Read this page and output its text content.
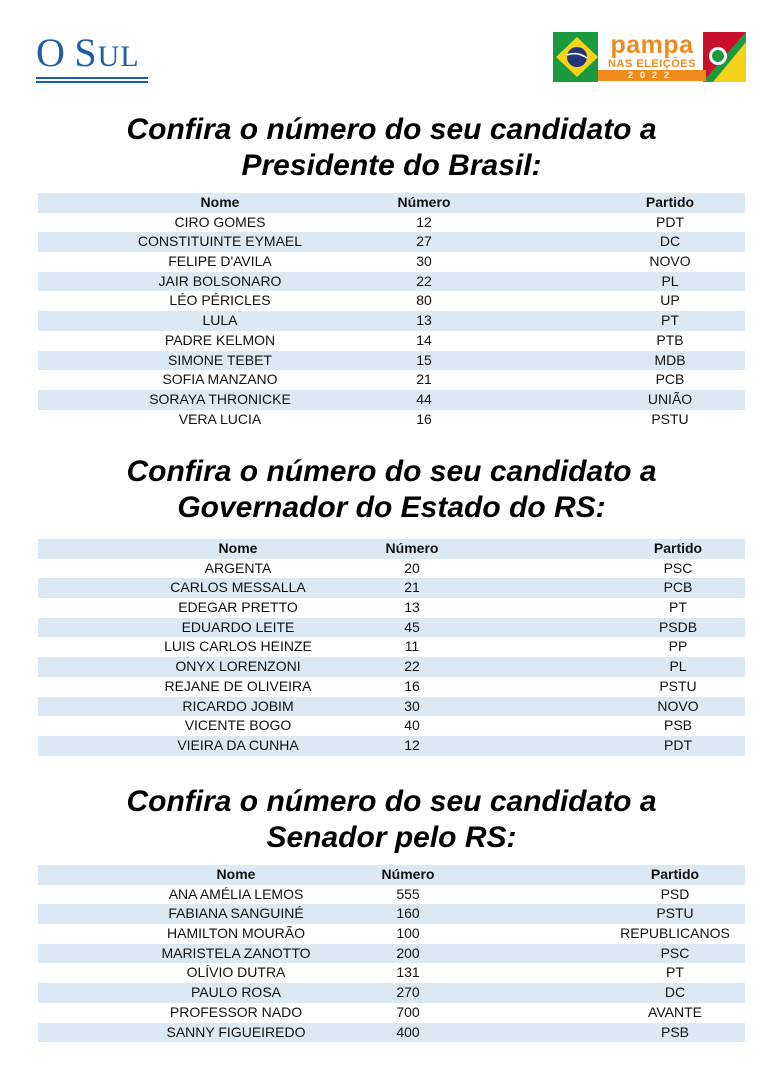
O SUL	pampa
NAS ELEIÇÕES
2022
Confira o número do seu candidato a
Presidente do Brasil:
Nome	Número	Partido
CIRO GOMES	12	PDT
CONSTITUINTE EYMAEL	27	DC
FELIPE D'AVILA	30	NOVO
JAIR BOLSONARO	22	PL
LÉO PÉRICLES	80	UP
LULA	13	PT
PADRE KELMON	14	PTB
SIMONE TEBET	15	MDB
SOFIA MANZANO	21	PCB
SORAYA THRONICKE	44	UNIÃO
VERA LUCIA	16	PSTU
Confira o número do seu candidato a
Governador do Estado do RS:
Nome	Número	Partido
ARGENTA	20	PSC
CARLOS MESSALLA	21	PCB
EDEGAR PRETTO	13	PT
EDUARDO LEITE	45	PSDB
LUIS CARLOS HEINZE	11	PP
ONYX LORENZONI	22	PL
REJANE DE OLIVEIRA	16	PSTU
RICARDO JOBIM	30	NOVO
VICENTE BOGO	40	PSB
VIEIRA DA CUNHA	12	PDT
Confira o número do seu candidato a
Senador pelo RS:
Nome	Número	Partido
ANA AMÉLIA LEMOS	555	PSD
FABIANA SANGUINÉ	160	PSTU
HAMILTON MOURÃO	100	REPUBLICANOS
MARISTELA ZANOTTO	200	PSC
OLÍVIO DUTRA	131	PT
PAULO ROSA	270	DC
PROFESSOR NADO	700	AVANTE
SANNY FIGUEIREDO	400	PSB
